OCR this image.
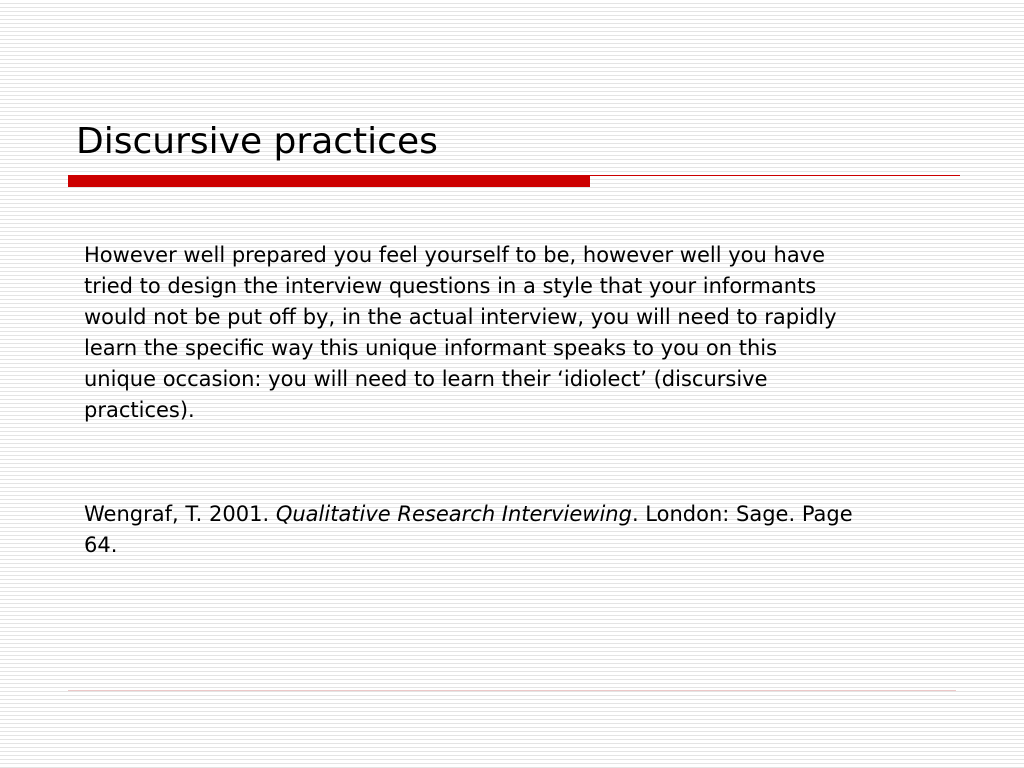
Discursive practices

However well prepared you feel yourself to be, however well you have tried to design the interview questions in a style that your informants would not be put off by, in the actual interview, you will need to rapidly learn the specific way this unique informant speaks to you on this unique occasion: you will need to learn their ‘idiolect’ (discursive practices).

Wengraf, T. 2001. Qualitative Research Interviewing. London: Sage. Page 64.
